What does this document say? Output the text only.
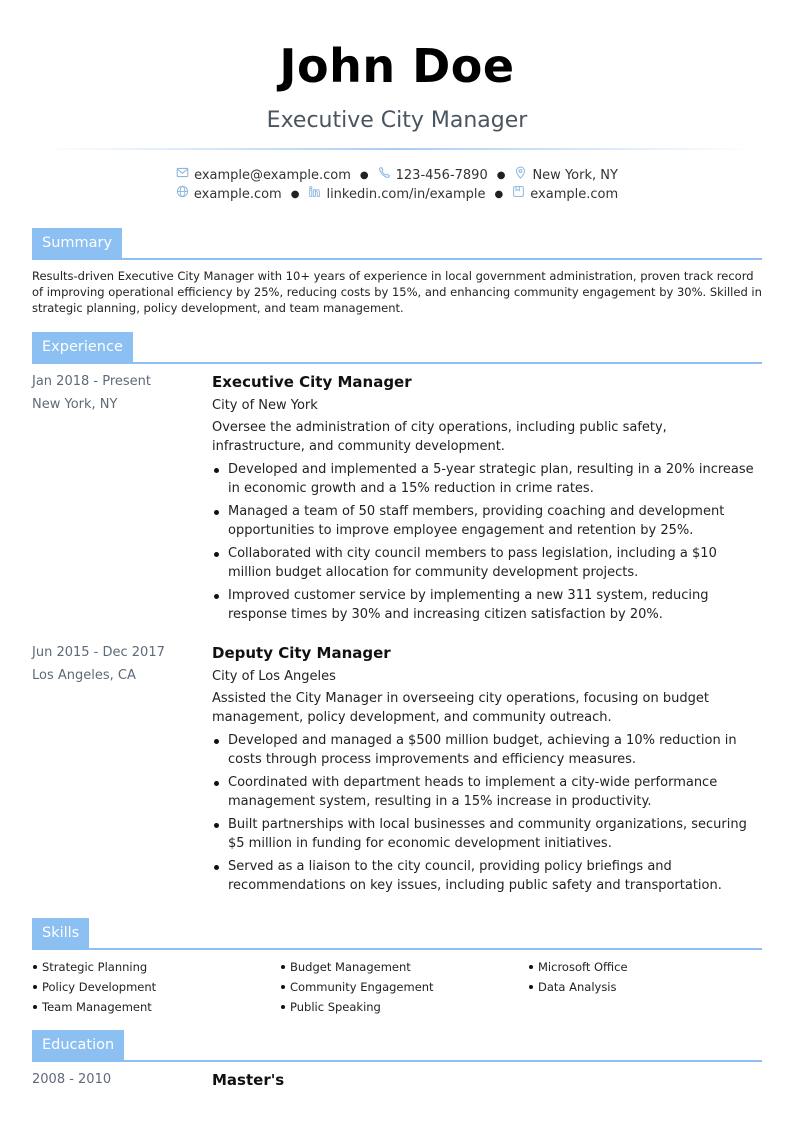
John Doe
Executive City Manager
example@example.com ● 123-456-7890 ● New York, NY
example.com ● linkedin.com/in/example ● example.com
Summary
Results-driven Executive City Manager with 10+ years of experience in local government administration, proven track record of improving operational efficiency by 25%, reducing costs by 15%, and enhancing community engagement by 30%. Skilled in strategic planning, policy development, and team management.
Experience
Jan 2018 - Present
New York, NY
Executive City Manager
City of New York
Oversee the administration of city operations, including public safety, infrastructure, and community development.
Developed and implemented a 5-year strategic plan, resulting in a 20% increase in economic growth and a 15% reduction in crime rates.
Managed a team of 50 staff members, providing coaching and development opportunities to improve employee engagement and retention by 25%.
Collaborated with city council members to pass legislation, including a $10 million budget allocation for community development projects.
Improved customer service by implementing a new 311 system, reducing response times by 30% and increasing citizen satisfaction by 20%.
Jun 2015 - Dec 2017
Los Angeles, CA
Deputy City Manager
City of Los Angeles
Assisted the City Manager in overseeing city operations, focusing on budget management, policy development, and community outreach.
Developed and managed a $500 million budget, achieving a 10% reduction in costs through process improvements and efficiency measures.
Coordinated with department heads to implement a city-wide performance management system, resulting in a 15% increase in productivity.
Built partnerships with local businesses and community organizations, securing $5 million in funding for economic development initiatives.
Served as a liaison to the city council, providing policy briefings and recommendations on key issues, including public safety and transportation.
Skills
Strategic Planning	Budget Management	Microsoft Office
Policy Development	Community Engagement	Data Analysis
Team Management	Public Speaking
Education
2008 - 2010	Master's
